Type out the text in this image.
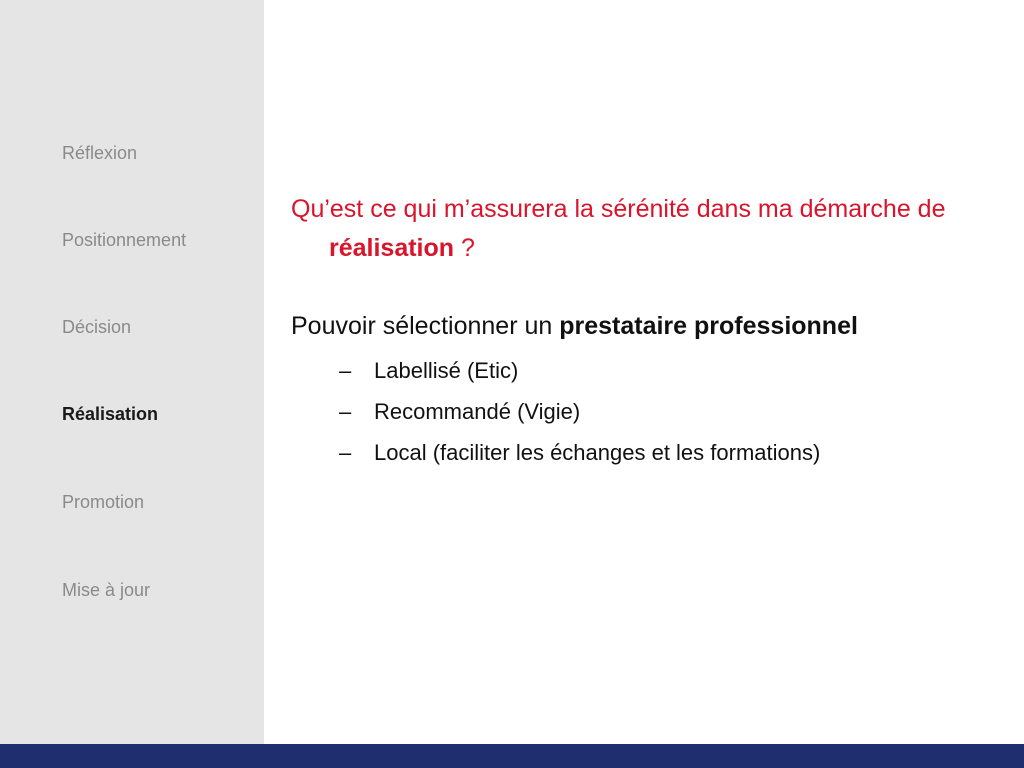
Réflexion
Positionnement
Décision
Réalisation
Promotion
Mise à jour

Qu’est ce qui m’assurera la sérénité dans ma démarche de réalisation ?

Pouvoir sélectionner un prestataire professionnel

– Labellisé (Etic)
– Recommandé (Vigie)
– Local (faciliter les échanges et les formations)
